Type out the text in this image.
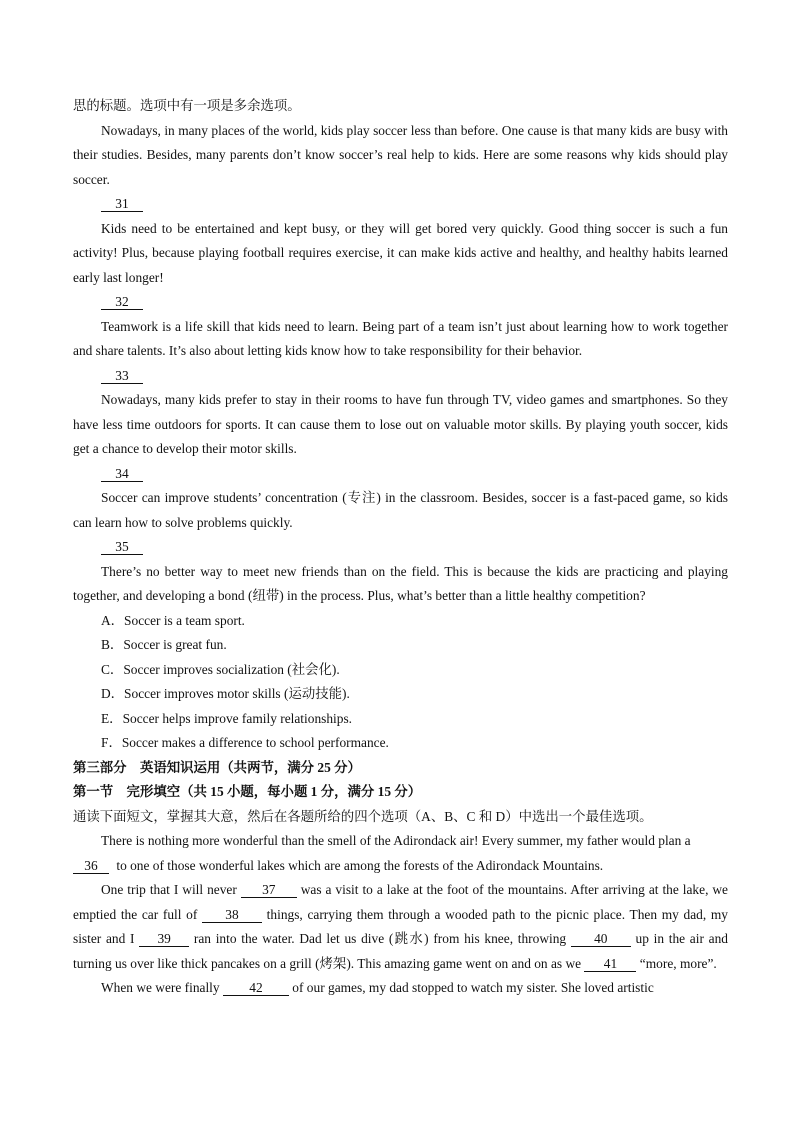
思的标题。选项中有一项是多余选项。

Nowadays, in many places of the world, kids play soccer less than before. One cause is that many kids are busy with their studies. Besides, many parents don’t know soccer’s real help to kids. Here are some reasons why kids should play soccer.

31

Kids need to be entertained and kept busy, or they will get bored very quickly. Good thing soccer is such a fun activity! Plus, because playing football requires exercise, it can make kids active and healthy, and healthy habits learned early last longer!

32

Teamwork is a life skill that kids need to learn. Being part of a team isn’t just about learning how to work together and share talents. It’s also about letting kids know how to take responsibility for their behavior.

33

Nowadays, many kids prefer to stay in their rooms to have fun through TV, video games and smartphones. So they have less time outdoors for sports. It can cause them to lose out on valuable motor skills. By playing youth soccer, kids get a chance to develop their motor skills.

34

Soccer can improve students’ concentration (专注) in the classroom. Besides, soccer is a fast-paced game, so kids can learn how to solve problems quickly.

35

There’s no better way to meet new friends than on the field. This is because the kids are practicing and playing together, and developing a bond (纽带) in the process. Plus, what’s better than a little healthy competition?

A．Soccer is a team sport.

B．Soccer is great fun.

C．Soccer improves socialization (社会化).

D．Soccer improves motor skills (运动技能).

E．Soccer helps improve family relationships.

F．Soccer makes a difference to school performance.

第三部分　英语知识运用（共两节，满分 25 分）

第一节　完形填空（共 15 小题，每小题 1 分，满分 15 分）

通读下面短文，掌握其大意，然后在各题所给的四个选项（A、B、C 和 D）中选出一个最佳选项。

There is nothing more wonderful than the smell of the Adirondack air! Every summer, my father would plan a
36 to one of those wonderful lakes which are among the forests of the Adirondack Mountains.

One trip that I will never 37 was a visit to a lake at the foot of the mountains. After arriving at the lake, we emptied the car full of 38 things, carrying them through a wooded path to the picnic place. Then my dad, my sister and I 39 ran into the water. Dad let us dive (跳水) from his knee, throwing 40 up in the air and turning us over like thick pancakes on a grill (烤架). This amazing game went on and on as we 41 “more, more”.

When we were finally 42 of our games, my dad stopped to watch my sister. She loved artistic
